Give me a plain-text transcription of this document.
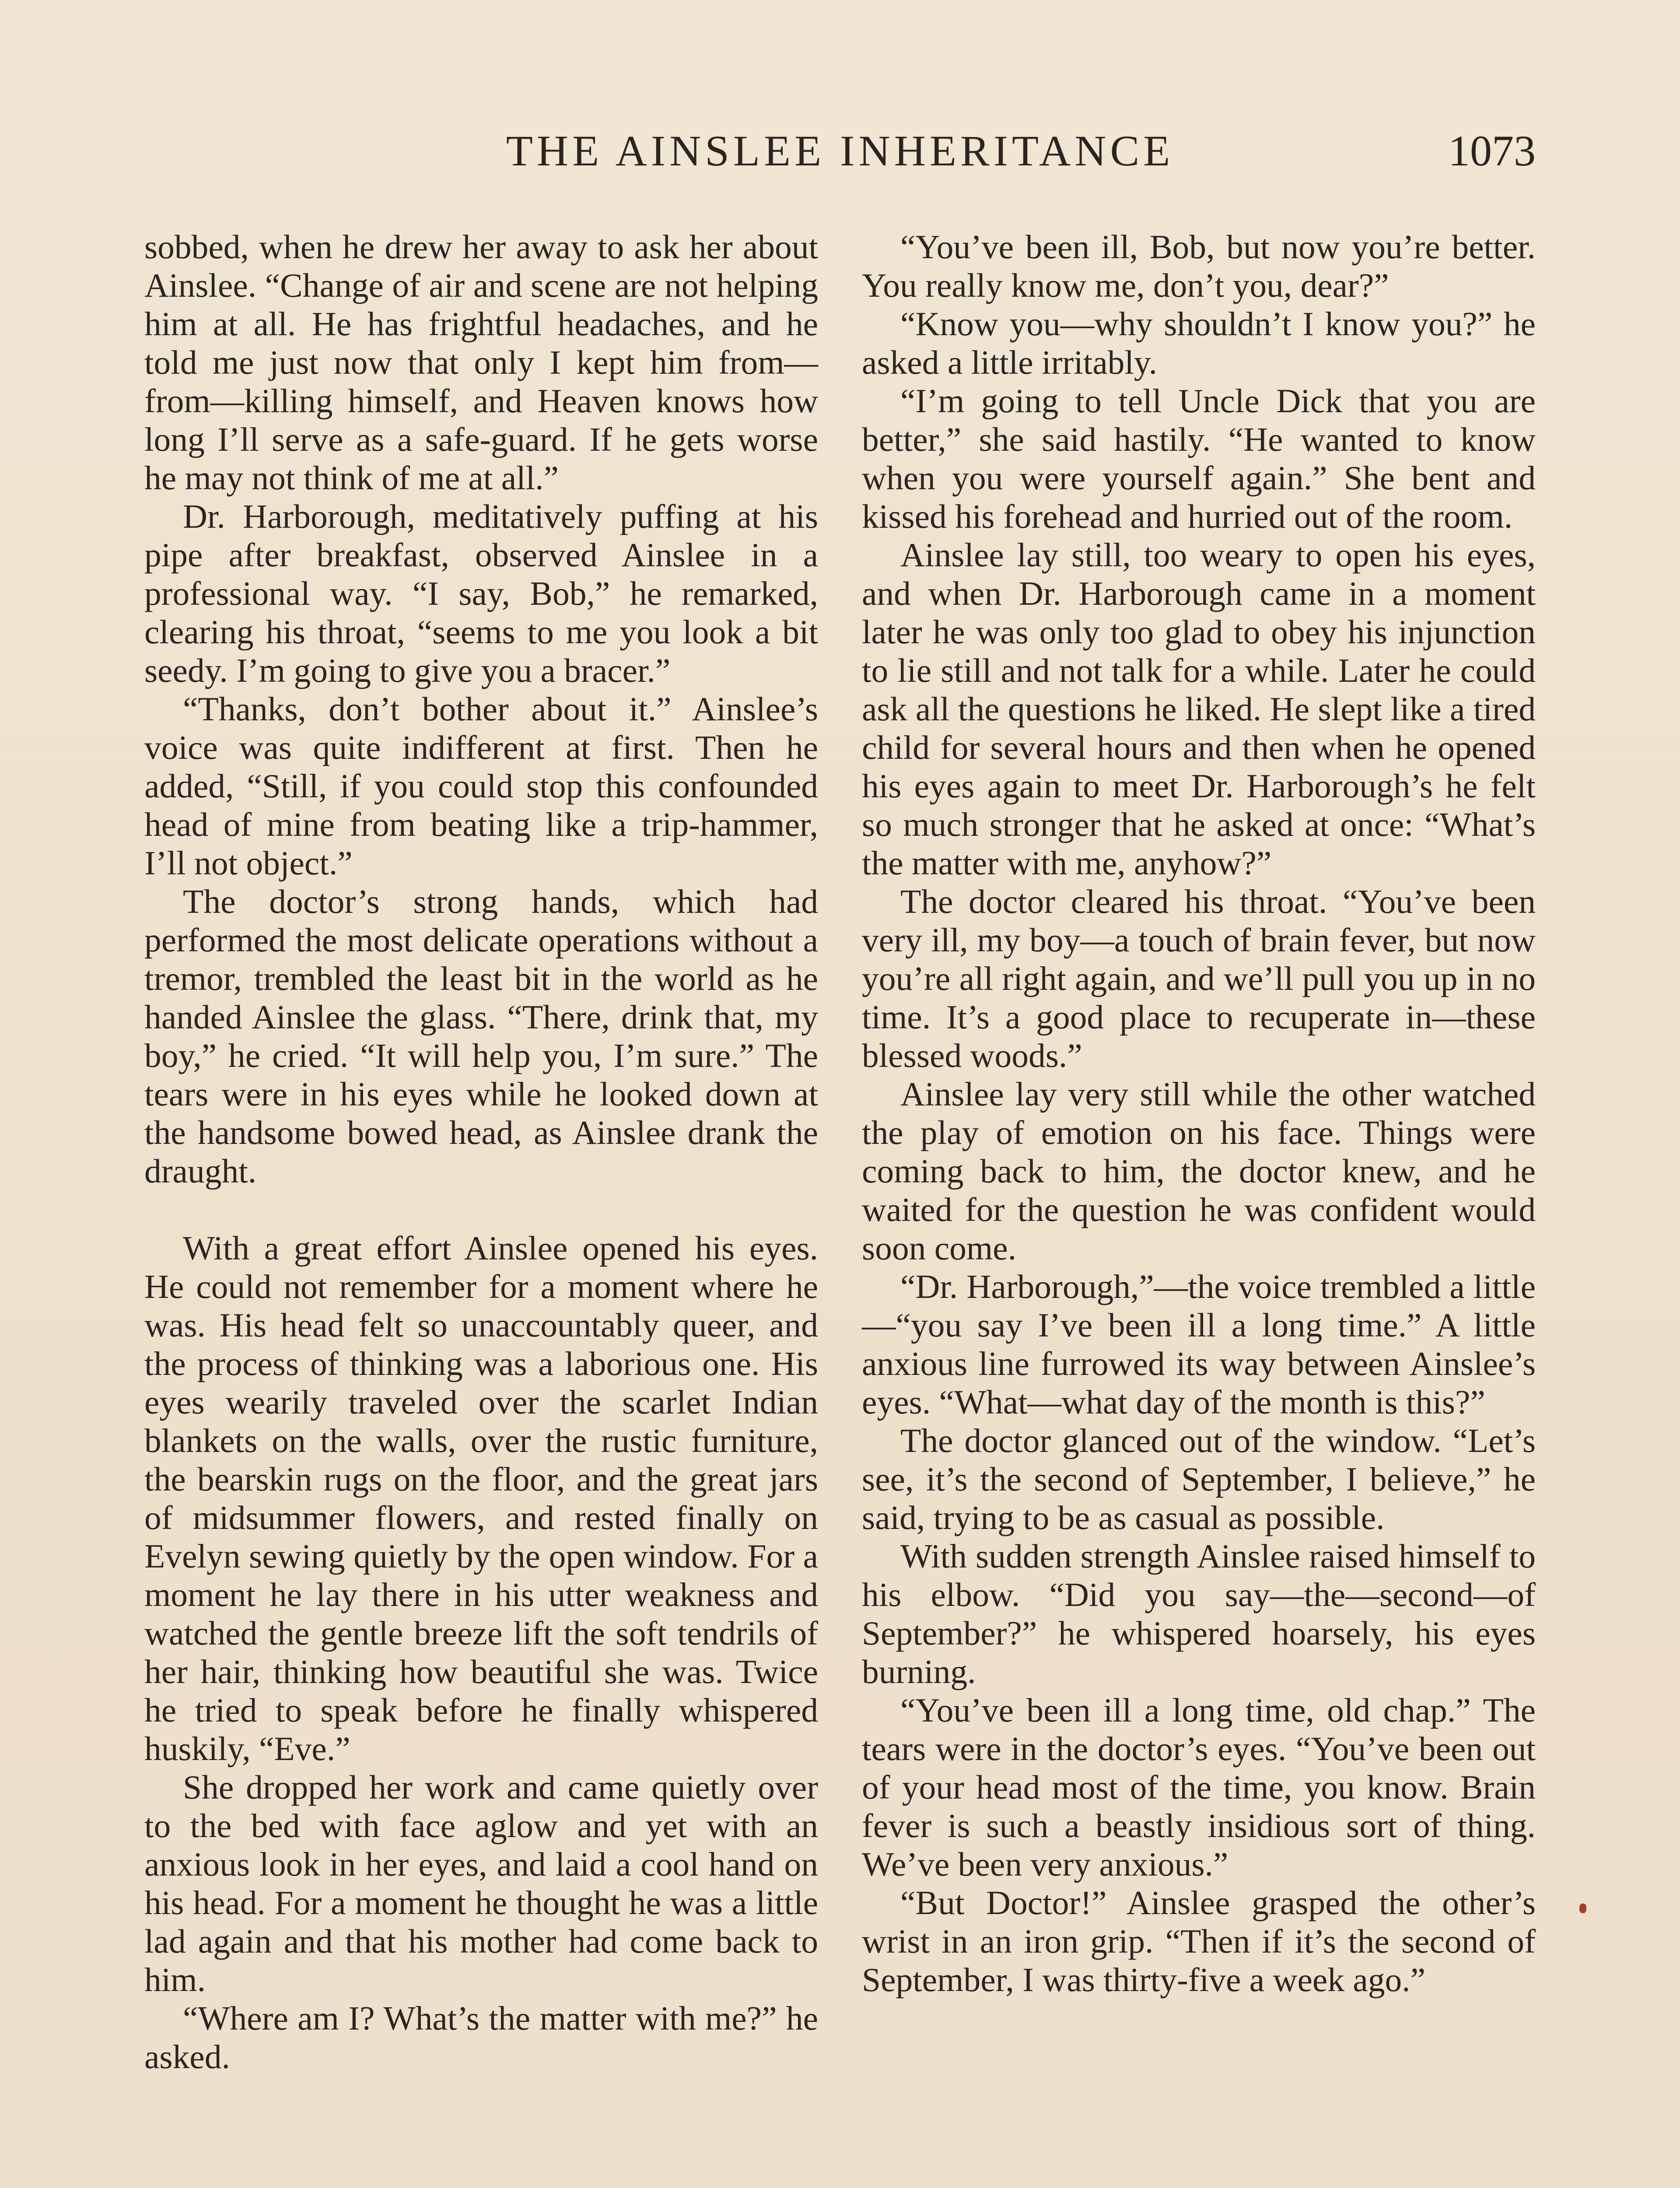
THE AINSLEE INHERITANCE	1073

sobbed, when he drew her away to ask her about Ainslee. “Change of air and scene are not helping him at all. He has frightful headaches, and he told me just now that only I kept him from—from—killing himself, and Heaven knows how long I’ll serve as a safe-guard. If he gets worse he may not think of me at all.”

Dr. Harborough, meditatively puffing at his pipe after breakfast, observed Ainslee in a professional way. “I say, Bob,” he remarked, clearing his throat, “seems to me you look a bit seedy. I’m going to give you a bracer.”

“Thanks, don’t bother about it.” Ainslee’s voice was quite indifferent at first. Then he added, “Still, if you could stop this confounded head of mine from beating like a trip-hammer, I’ll not object.”

The doctor’s strong hands, which had performed the most delicate operations without a tremor, trembled the least bit in the world as he handed Ainslee the glass. “There, drink that, my boy,” he cried. “It will help you, I’m sure.” The tears were in his eyes while he looked down at the handsome bowed head, as Ainslee drank the draught.

With a great effort Ainslee opened his eyes. He could not remember for a moment where he was. His head felt so unaccountably queer, and the process of thinking was a laborious one. His eyes wearily traveled over the scarlet Indian blankets on the walls, over the rustic furniture, the bearskin rugs on the floor, and the great jars of midsummer flowers, and rested finally on Evelyn sewing quietly by the open window. For a moment he lay there in his utter weakness and watched the gentle breeze lift the soft tendrils of her hair, thinking how beautiful she was. Twice he tried to speak before he finally whispered huskily, “Eve.”

She dropped her work and came quietly over to the bed with face aglow and yet with an anxious look in her eyes, and laid a cool hand on his head. For a moment he thought he was a little lad again and that his mother had come back to him.

“Where am I? What’s the matter with me?” he asked.

“You’ve been ill, Bob, but now you’re better. You really know me, don’t you, dear?”

“Know you—why shouldn’t I know you?” he asked a little irritably.

“I’m going to tell Uncle Dick that you are better,” she said hastily. “He wanted to know when you were yourself again.” She bent and kissed his forehead and hurried out of the room.

Ainslee lay still, too weary to open his eyes, and when Dr. Harborough came in a moment later he was only too glad to obey his injunction to lie still and not talk for a while. Later he could ask all the questions he liked. He slept like a tired child for several hours and then when he opened his eyes again to meet Dr. Harborough’s he felt so much stronger that he asked at once: “What’s the matter with me, anyhow?”

The doctor cleared his throat. “You’ve been very ill, my boy—a touch of brain fever, but now you’re all right again, and we’ll pull you up in no time. It’s a good place to recuperate in—these blessed woods.”

Ainslee lay very still while the other watched the play of emotion on his face. Things were coming back to him, the doctor knew, and he waited for the question he was confident would soon come.

“Dr. Harborough,”—the voice trembled a little—“you say I’ve been ill a long time.” A little anxious line furrowed its way between Ainslee’s eyes. “What—what day of the month is this?”

The doctor glanced out of the window. “Let’s see, it’s the second of September, I believe,” he said, trying to be as casual as possible.

With sudden strength Ainslee raised himself to his elbow. “Did you say—the—second—of September?” he whispered hoarsely, his eyes burning.

“You’ve been ill a long time, old chap.” The tears were in the doctor’s eyes. “You’ve been out of your head most of the time, you know. Brain fever is such a beastly insidious sort of thing. We’ve been very anxious.”

“But Doctor!” Ainslee grasped the other’s wrist in an iron grip. “Then if it’s the second of September, I was thirty-five a week ago.”
